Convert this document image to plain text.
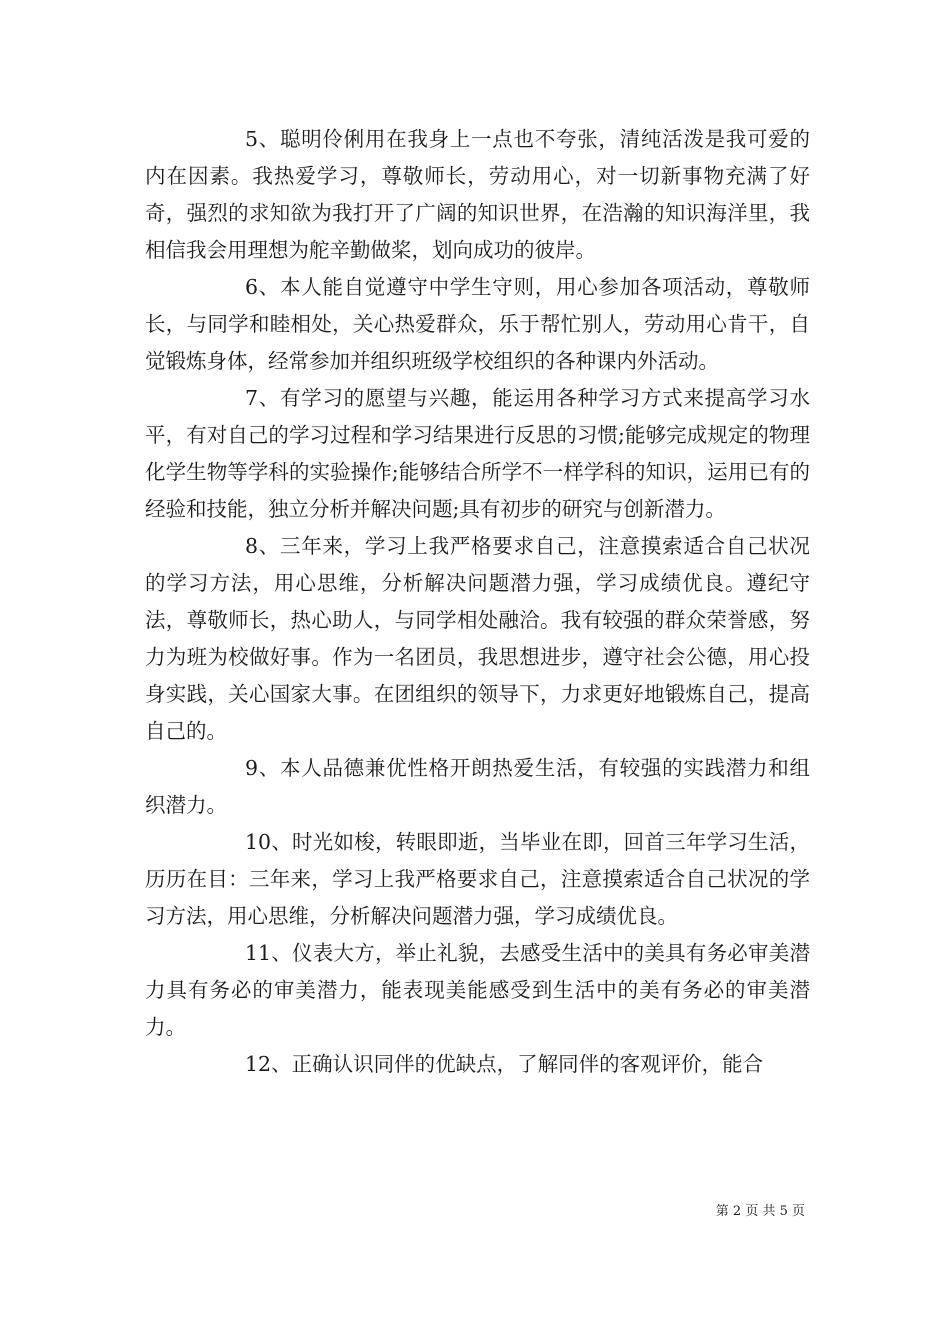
5、聪明伶俐用在我身上一点也不夸张，清纯活泼是我可爱的内在因素。我热爱学习，尊敬师长，劳动用心，对一切新事物充满了好奇，强烈的求知欲为我打开了广阔的知识世界，在浩瀚的知识海洋里，我相信我会用理想为舵辛勤做桨，划向成功的彼岸。

6、本人能自觉遵守中学生守则，用心参加各项活动，尊敬师长，与同学和睦相处，关心热爱群众，乐于帮忙别人，劳动用心肯干，自觉锻炼身体，经常参加并组织班级学校组织的各种课内外活动。

7、有学习的愿望与兴趣，能运用各种学习方式来提高学习水平，有对自己的学习过程和学习结果进行反思的习惯;能够完成规定的物理化学生物等学科的实验操作;能够结合所学不一样学科的知识，运用已有的经验和技能，独立分析并解决问题;具有初步的研究与创新潜力。

8、三年来，学习上我严格要求自己，注意摸索适合自己状况的学习方法，用心思维，分析解决问题潜力强，学习成绩优良。遵纪守法，尊敬师长，热心助人，与同学相处融洽。我有较强的群众荣誉感，努力为班为校做好事。作为一名团员，我思想进步，遵守社会公德，用心投身实践，关心国家大事。在团组织的领导下，力求更好地锻炼自己，提高自己的。

9、本人品德兼优性格开朗热爱生活，有较强的实践潜力和组织潜力。

10、时光如梭，转眼即逝，当毕业在即，回首三年学习生活，历历在目：三年来，学习上我严格要求自己，注意摸索适合自己状况的学习方法，用心思维，分析解决问题潜力强，学习成绩优良。

11、仪表大方，举止礼貌，去感受生活中的美具有务必审美潜力具有务必的审美潜力，能表现美能感受到生活中的美有务必的审美潜力。

12、正确认识同伴的优缺点，了解同伴的客观评价，能合

第 2 页 共 5 页
